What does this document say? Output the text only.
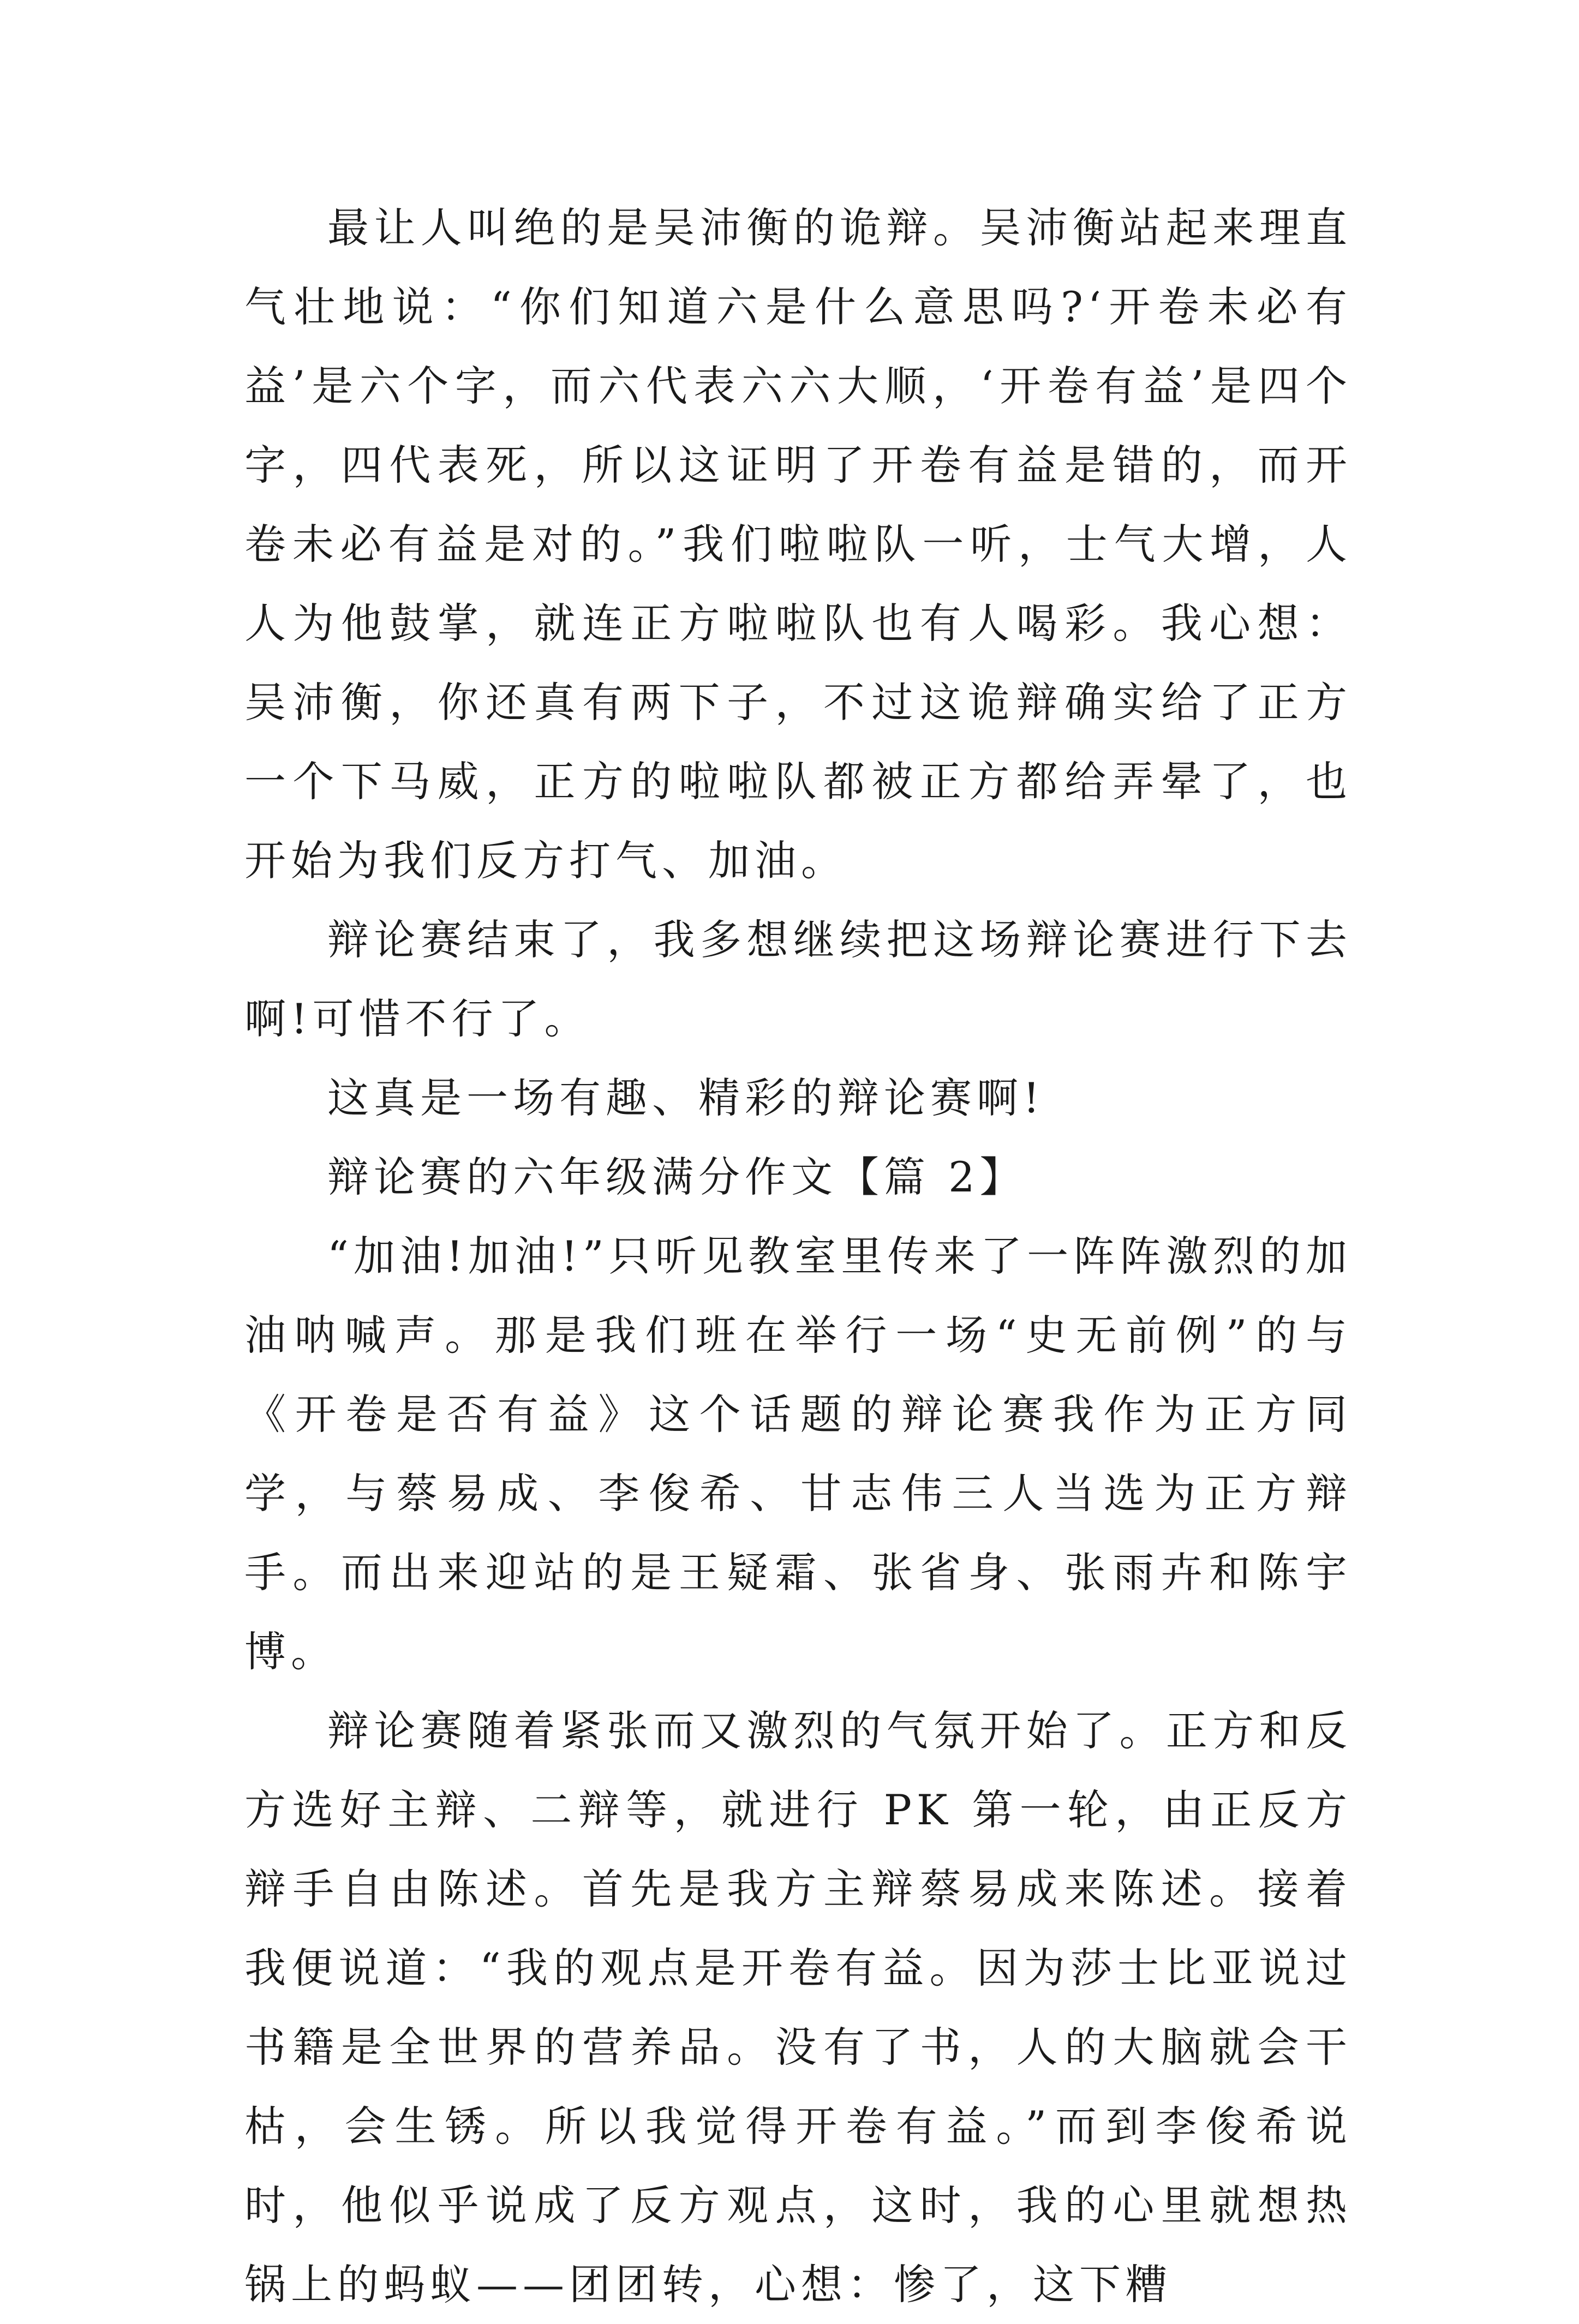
最让人叫绝的是吴沛衡的诡辩。吴沛衡站起来理直气壮地说：“你们知道六是什么意思吗?‘开卷未必有益’是六个字，而六代表六六大顺，‘开卷有益’是四个字，四代表死，所以这证明了开卷有益是错的，而开卷未必有益是对的。”我们啦啦队一听，士气大增，人人为他鼓掌，就连正方啦啦队也有人喝彩。我心想：吴沛衡，你还真有两下子，不过这诡辩确实给了正方一个下马威，正方的啦啦队都被正方都给弄晕了，也开始为我们反方打气、加油。

辩论赛结束了，我多想继续把这场辩论赛进行下去啊!可惜不行了。

这真是一场有趣、精彩的辩论赛啊!

辩论赛的六年级满分作文【篇 2】

“加油!加油!”只听见教室里传来了一阵阵激烈的加油呐喊声。那是我们班在举行一场“史无前例”的与《开卷是否有益》这个话题的辩论赛我作为正方同学，与蔡易成、李俊希、甘志伟三人当选为正方辩手。而出来迎站的是王疑霜、张省身、张雨卉和陈宇博。

辩论赛随着紧张而又激烈的气氛开始了。正方和反方选好主辩、二辩等，就进行 PK 第一轮，由正反方辩手自由陈述。首先是我方主辩蔡易成来陈述。接着我便说道：“我的观点是开卷有益。因为莎士比亚说过书籍是全世界的营养品。没有了书，人的大脑就会干枯，会生锈。所以我觉得开卷有益。”而到李俊希说时，他似乎说成了反方观点，这时，我的心里就想热锅上的蚂蚁——团团转，心想：惨了，这下糟
